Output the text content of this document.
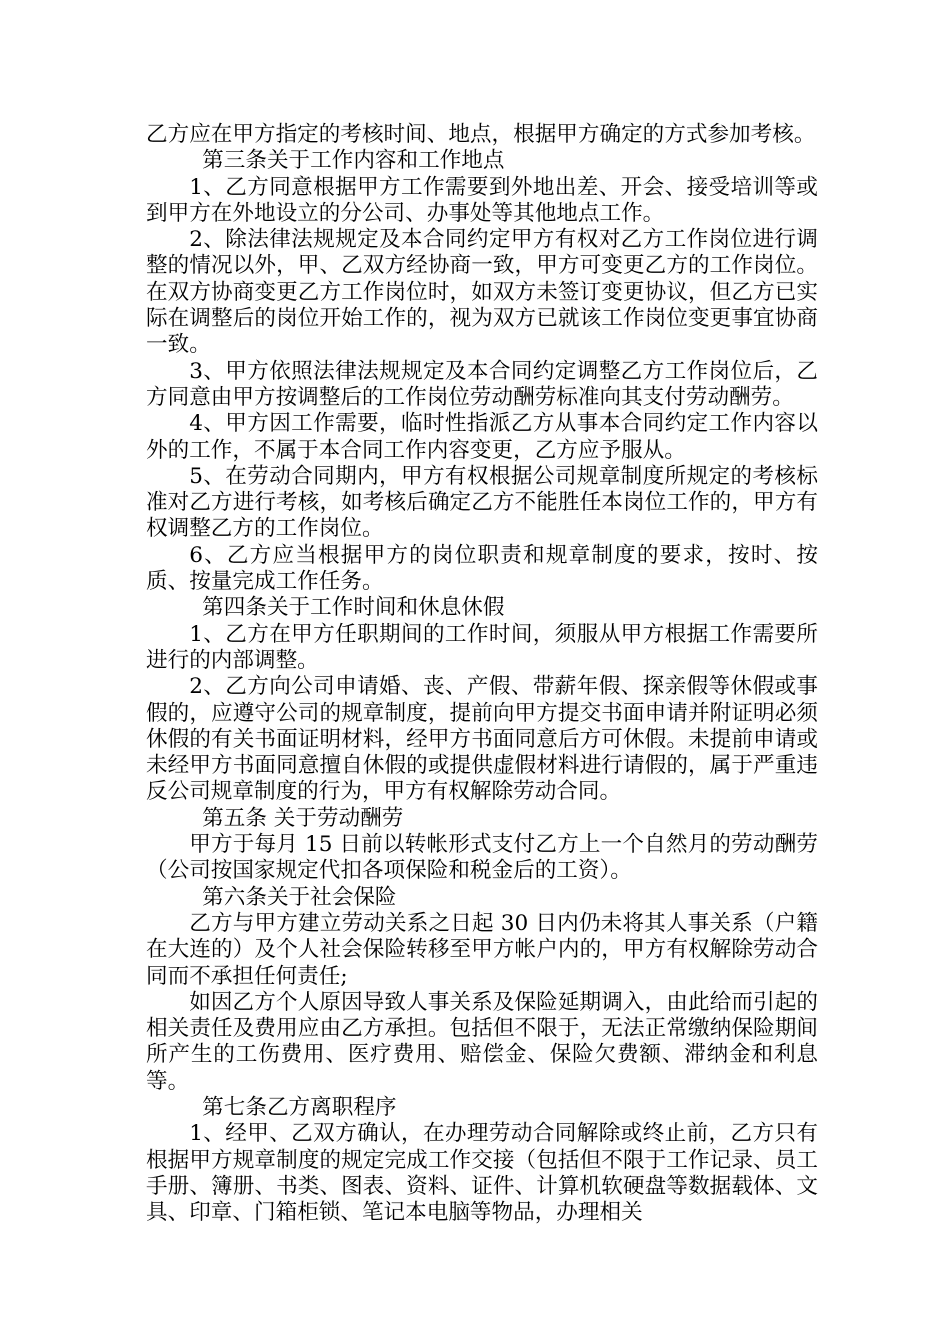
乙方应在甲方指定的考核时间、地点，根据甲方确定的方式参加考核。

第三条关于工作内容和工作地点

1、乙方同意根据甲方工作需要到外地出差、开会、接受培训等或到甲方在外地设立的分公司、办事处等其他地点工作。

2、除法律法规规定及本合同约定甲方有权对乙方工作岗位进行调整的情况以外，甲、乙双方经协商一致，甲方可变更乙方的工作岗位。在双方协商变更乙方工作岗位时，如双方未签订变更协议，但乙方已实际在调整后的岗位开始工作的，视为双方已就该工作岗位变更事宜协商一致。

3、甲方依照法律法规规定及本合同约定调整乙方工作岗位后，乙方同意由甲方按调整后的工作岗位劳动酬劳标准向其支付劳动酬劳。

4、甲方因工作需要，临时性指派乙方从事本合同约定工作内容以外的工作，不属于本合同工作内容变更，乙方应予服从。

5、在劳动合同期内，甲方有权根据公司规章制度所规定的考核标准对乙方进行考核，如考核后确定乙方不能胜任本岗位工作的，甲方有权调整乙方的工作岗位。

6、乙方应当根据甲方的岗位职责和规章制度的要求，按时、按质、按量完成工作任务。

第四条关于工作时间和休息休假

1、乙方在甲方任职期间的工作时间，须服从甲方根据工作需要所进行的内部调整。

2、乙方向公司申请婚、丧、产假、带薪年假、探亲假等休假或事假的，应遵守公司的规章制度，提前向甲方提交书面申请并附证明必须休假的有关书面证明材料，经甲方书面同意后方可休假。未提前申请或未经甲方书面同意擅自休假的或提供虚假材料进行请假的，属于严重违反公司规章制度的行为，甲方有权解除劳动合同。

第五条 关于劳动酬劳

甲方于每月 15 日前以转帐形式支付乙方上一个自然月的劳动酬劳（公司按国家规定代扣各项保险和税金后的工资）。

第六条关于社会保险

乙方与甲方建立劳动关系之日起 30 日内仍未将其人事关系（户籍在大连的）及个人社会保险转移至甲方帐户内的，甲方有权解除劳动合同而不承担任何责任;

如因乙方个人原因导致人事关系及保险延期调入，由此给而引起的相关责任及费用应由乙方承担。包括但不限于，无法正常缴纳保险期间所产生的工伤费用、医疗费用、赔偿金、保险欠费额、滞纳金和利息等。

第七条乙方离职程序

1、经甲、乙双方确认，在办理劳动合同解除或终止前，乙方只有根据甲方规章制度的规定完成工作交接（包括但不限于工作记录、员工手册、簿册、书类、图表、资料、证件、计算机软硬盘等数据载体、文具、印章、门箱柜锁、笔记本电脑等物品，办理相关
